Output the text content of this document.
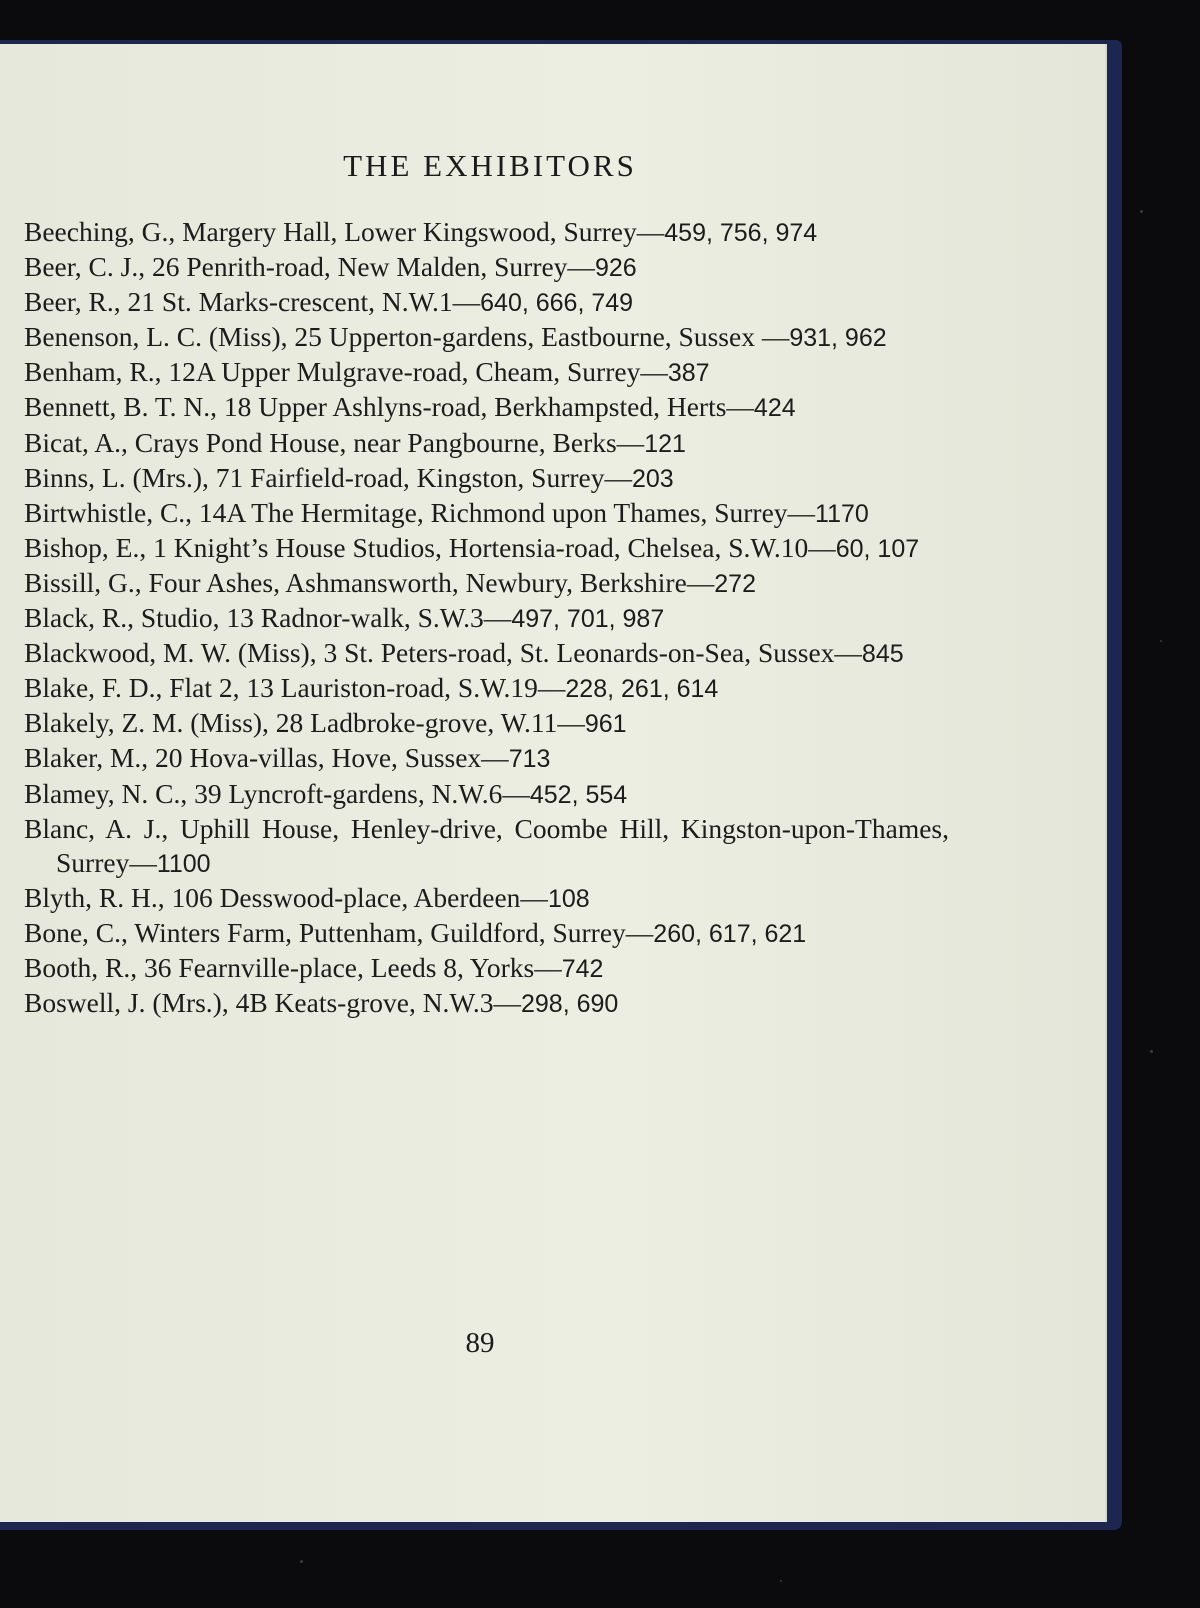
THE EXHIBITORS
Beeching, G., Margery Hall, Lower Kingswood, Surrey—459, 756, 974
Beer, C. J., 26 Penrith-road, New Malden, Surrey—926
Beer, R., 21 St. Marks-crescent, N.W.1—640, 666, 749
Benenson, L. C. (Miss), 25 Upperton-gardens, Eastbourne, Sussex —931, 962
Benham, R., 12A Upper Mulgrave-road, Cheam, Surrey—387
Bennett, B. T. N., 18 Upper Ashlyns-road, Berkhampsted, Herts—424
Bicat, A., Crays Pond House, near Pangbourne, Berks—121
Binns, L. (Mrs.), 71 Fairfield-road, Kingston, Surrey—203
Birtwhistle, C., 14A The Hermitage, Richmond upon Thames, Surrey—1170
Bishop, E., 1 Knight’s House Studios, Hortensia-road, Chelsea, S.W.10—60, 107
Bissill, G., Four Ashes, Ashmansworth, Newbury, Berkshire—272
Black, R., Studio, 13 Radnor-walk, S.W.3—497, 701, 987
Blackwood, M. W. (Miss), 3 St. Peters-road, St. Leonards-on-Sea, Sussex—845
Blake, F. D., Flat 2, 13 Lauriston-road, S.W.19—228, 261, 614
Blakely, Z. M. (Miss), 28 Ladbroke-grove, W.11—961
Blaker, M., 20 Hova-villas, Hove, Sussex—713
Blamey, N. C., 39 Lyncroft-gardens, N.W.6—452, 554
Blanc, A. J., Uphill House, Henley-drive, Coombe Hill, Kingston-upon-Thames, Surrey—1100
Blyth, R. H., 106 Desswood-place, Aberdeen—108
Bone, C., Winters Farm, Puttenham, Guildford, Surrey—260, 617, 621
Booth, R., 36 Fearnville-place, Leeds 8, Yorks—742
Boswell, J. (Mrs.), 4B Keats-grove, N.W.3—298, 690
89
